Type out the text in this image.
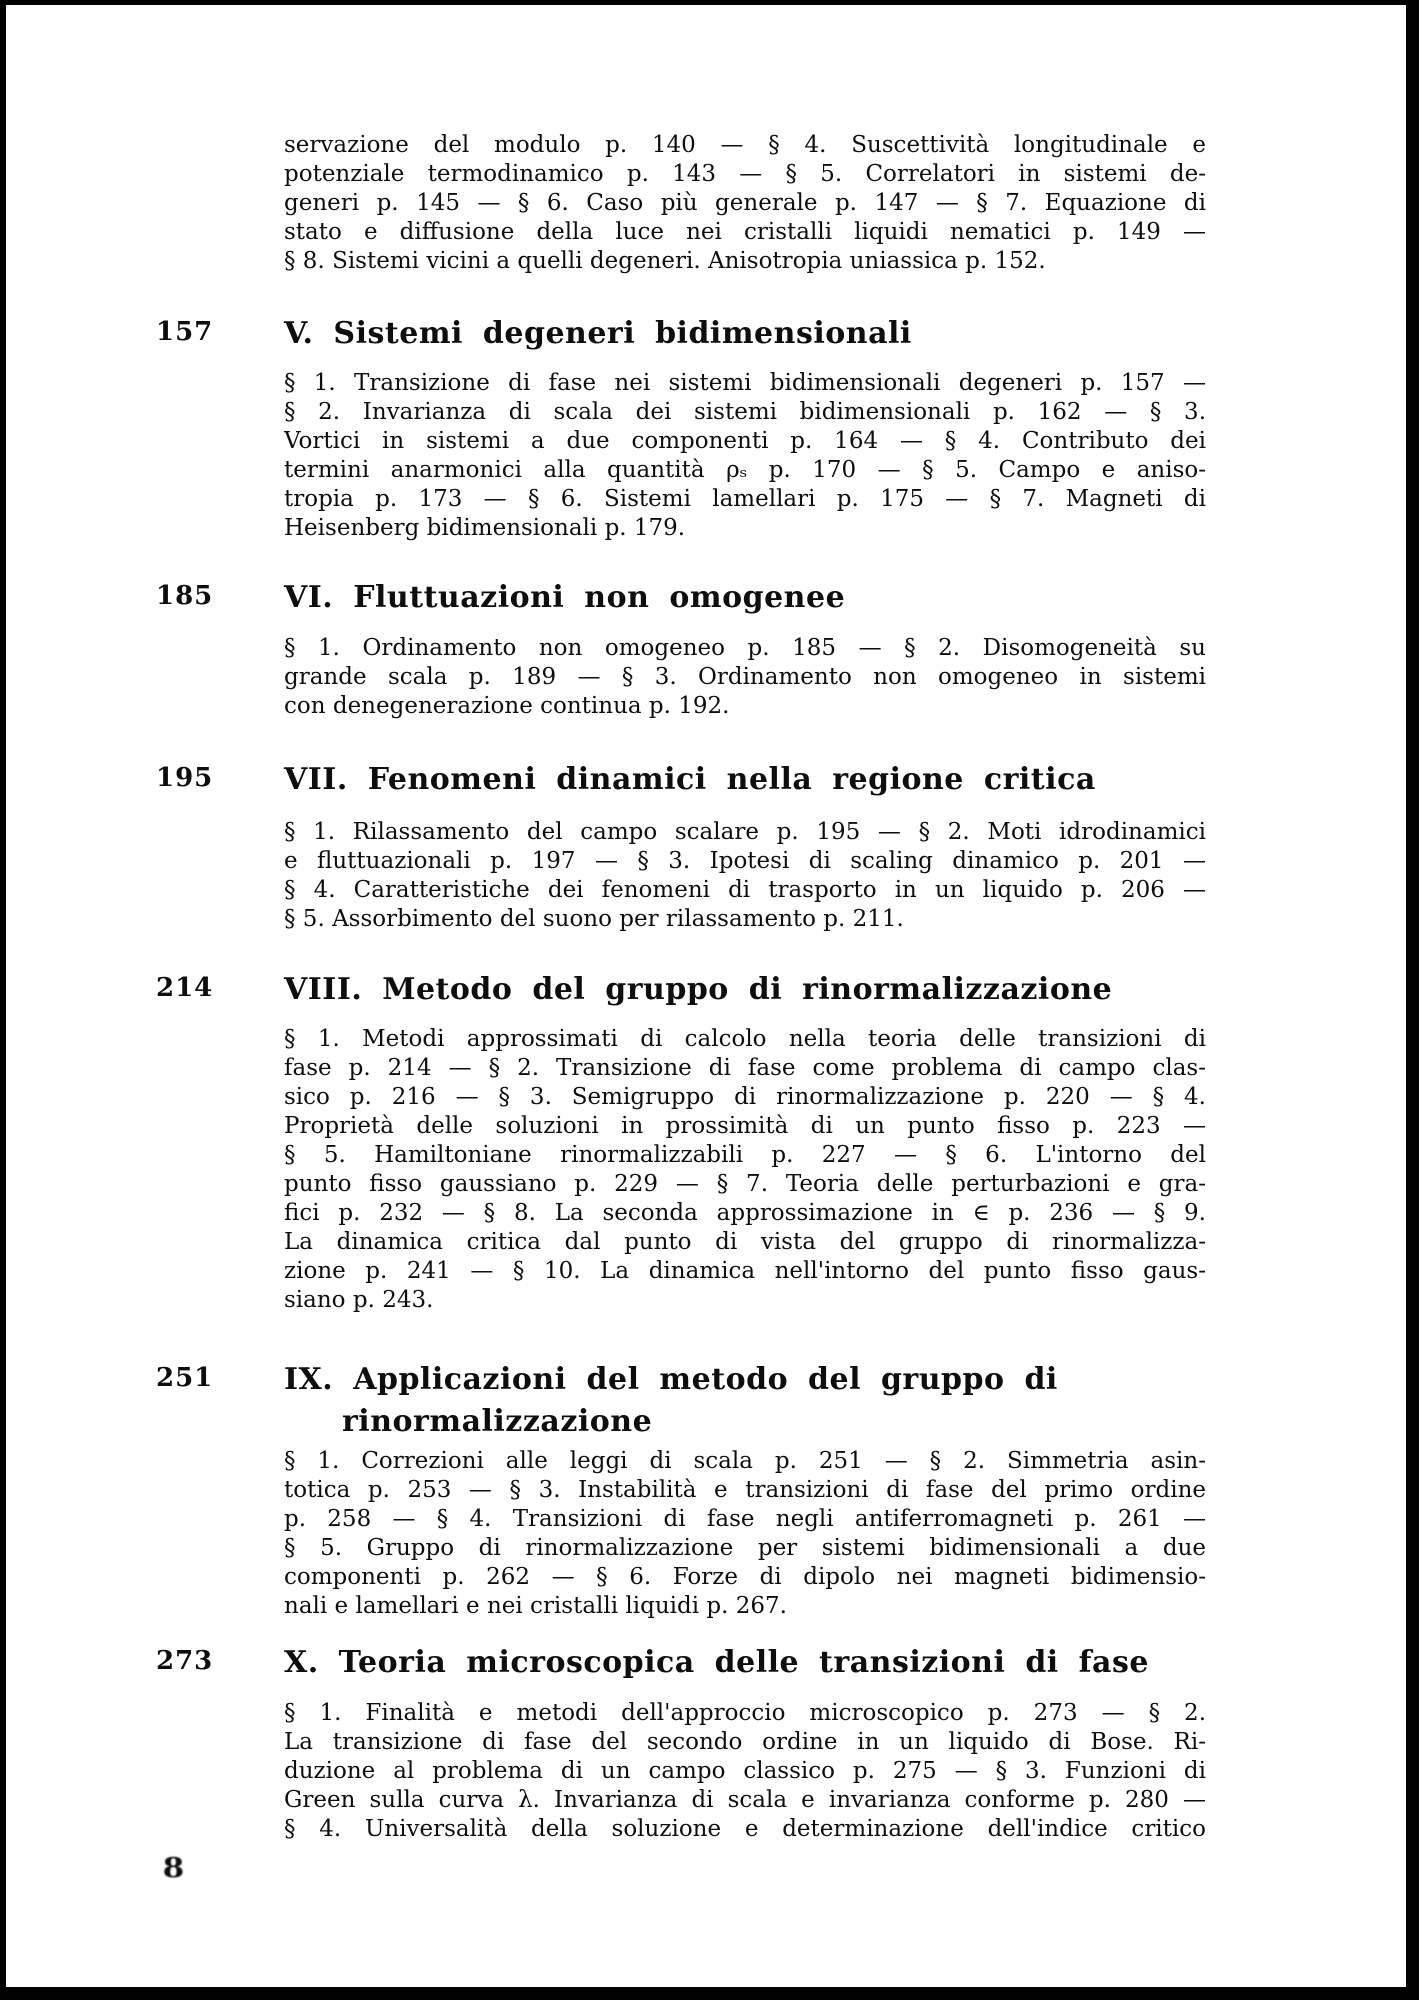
servazione del modulo p. 140 — § 4. Suscettività longitudinale e
potenziale termodinamico p. 143 — § 5. Correlatori in sistemi de-
generi p. 145 — § 6. Caso più generale p. 147 — § 7. Equazione di
stato e diffusione della luce nei cristalli liquidi nematici p. 149 —
§ 8. Sistemi vicini a quelli degeneri. Anisotropia uniassica p. 152.
157	V. Sistemi degeneri bidimensionali
§ 1. Transizione di fase nei sistemi bidimensionali degeneri p. 157 —
§ 2. Invarianza di scala dei sistemi bidimensionali p. 162 — § 3.
Vortici in sistemi a due componenti p. 164 — § 4. Contributo dei
termini anarmonici alla quantità ρₛ p. 170 — § 5. Campo e aniso-
tropia p. 173 — § 6. Sistemi lamellari p. 175 — § 7. Magneti di
Heisenberg bidimensionali p. 179.
185	VI. Fluttuazioni non omogenee
§ 1. Ordinamento non omogeneo p. 185 — § 2. Disomogeneità su
grande scala p. 189 — § 3. Ordinamento non omogeneo in sistemi
con denegenerazione continua p. 192.
195	VII. Fenomeni dinamici nella regione critica
§ 1. Rilassamento del campo scalare p. 195 — § 2. Moti idrodinamici
e fluttuazionali p. 197 — § 3. Ipotesi di scaling dinamico p. 201 —
§ 4. Caratteristiche dei fenomeni di trasporto in un liquido p. 206 —
§ 5. Assorbimento del suono per rilassamento p. 211.
214	VIII. Metodo del gruppo di rinormalizzazione
§ 1. Metodi approssimati di calcolo nella teoria delle transizioni di
fase p. 214 — § 2. Transizione di fase come problema di campo clas-
sico p. 216 — § 3. Semigruppo di rinormalizzazione p. 220 — § 4.
Proprietà delle soluzioni in prossimità di un punto fisso p. 223 —
§ 5. Hamiltoniane rinormalizzabili p. 227 — § 6. L'intorno del
punto fisso gaussiano p. 229 — § 7. Teoria delle perturbazioni e gra-
fici p. 232 — § 8. La seconda approssimazione in ∈ p. 236 — § 9.
La dinamica critica dal punto di vista del gruppo di rinormalizza-
zione p. 241 — § 10. La dinamica nell'intorno del punto fisso gaus-
siano p. 243.
251	IX. Applicazioni del metodo del gruppo di
rinormalizzazione
§ 1. Correzioni alle leggi di scala p. 251 — § 2. Simmetria asin-
totica p. 253 — § 3. Instabilità e transizioni di fase del primo ordine
p. 258 — § 4. Transizioni di fase negli antiferromagneti p. 261 —
§ 5. Gruppo di rinormalizzazione per sistemi bidimensionali a due
componenti p. 262 — § 6. Forze di dipolo nei magneti bidimensio-
nali e lamellari e nei cristalli liquidi p. 267.
273	X. Teoria microscopica delle transizioni di fase
§ 1. Finalità e metodi dell'approccio microscopico p. 273 — § 2.
La transizione di fase del secondo ordine in un liquido di Bose. Ri-
duzione al problema di un campo classico p. 275 — § 3. Funzioni di
Green sulla curva λ. Invarianza di scala e invarianza conforme p. 280 —
§ 4. Universalità della soluzione e determinazione dell'indice critico
8
